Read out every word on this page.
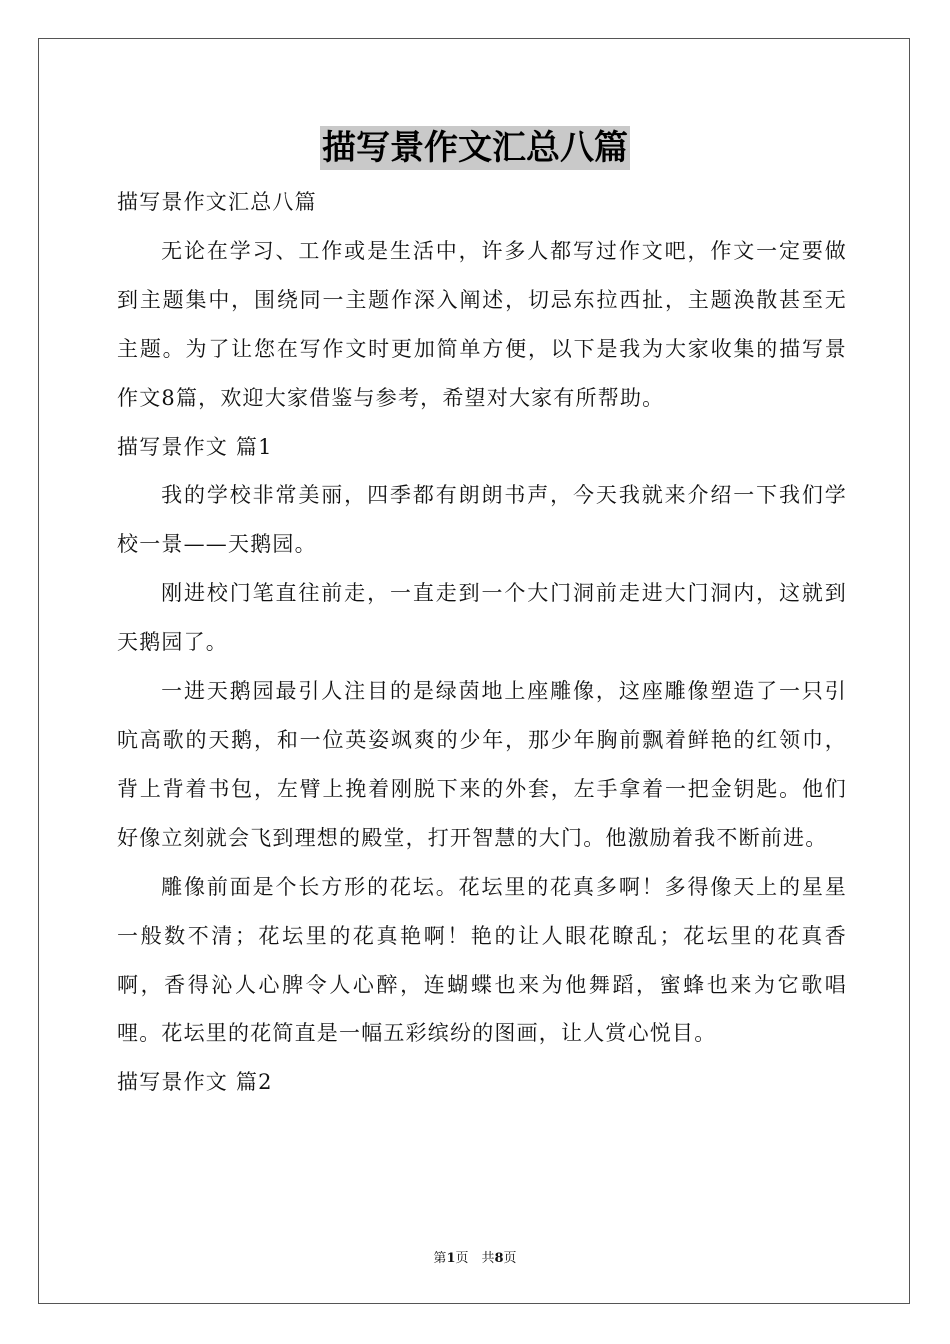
描写景作文汇总八篇

描写景作文汇总八篇

无论在学习、工作或是生活中，许多人都写过作文吧，作文一定要做到主题集中，围绕同一主题作深入阐述，切忌东拉西扯，主题涣散甚至无主题。为了让您在写作文时更加简单方便，以下是我为大家收集的描写景作文8篇，欢迎大家借鉴与参考，希望对大家有所帮助。

描写景作文 篇1

我的学校非常美丽，四季都有朗朗书声，今天我就来介绍一下我们学校一景——天鹅园。

刚进校门笔直往前走，一直走到一个大门洞前走进大门洞内，这就到天鹅园了。

一进天鹅园最引人注目的是绿茵地上座雕像，这座雕像塑造了一只引吭高歌的天鹅，和一位英姿飒爽的少年，那少年胸前飘着鲜艳的红领巾，背上背着书包，左臂上挽着刚脱下来的外套，左手拿着一把金钥匙。他们好像立刻就会飞到理想的殿堂，打开智慧的大门。他激励着我不断前进。

雕像前面是个长方形的花坛。花坛里的花真多啊！多得像天上的星星一般数不清；花坛里的花真艳啊！艳的让人眼花瞭乱；花坛里的花真香啊，香得沁人心脾令人心醉，连蝴蝶也来为他舞蹈，蜜蜂也来为它歌唱哩。花坛里的花简直是一幅五彩缤纷的图画，让人赏心悦目。

描写景作文 篇2

第1页　共8页
